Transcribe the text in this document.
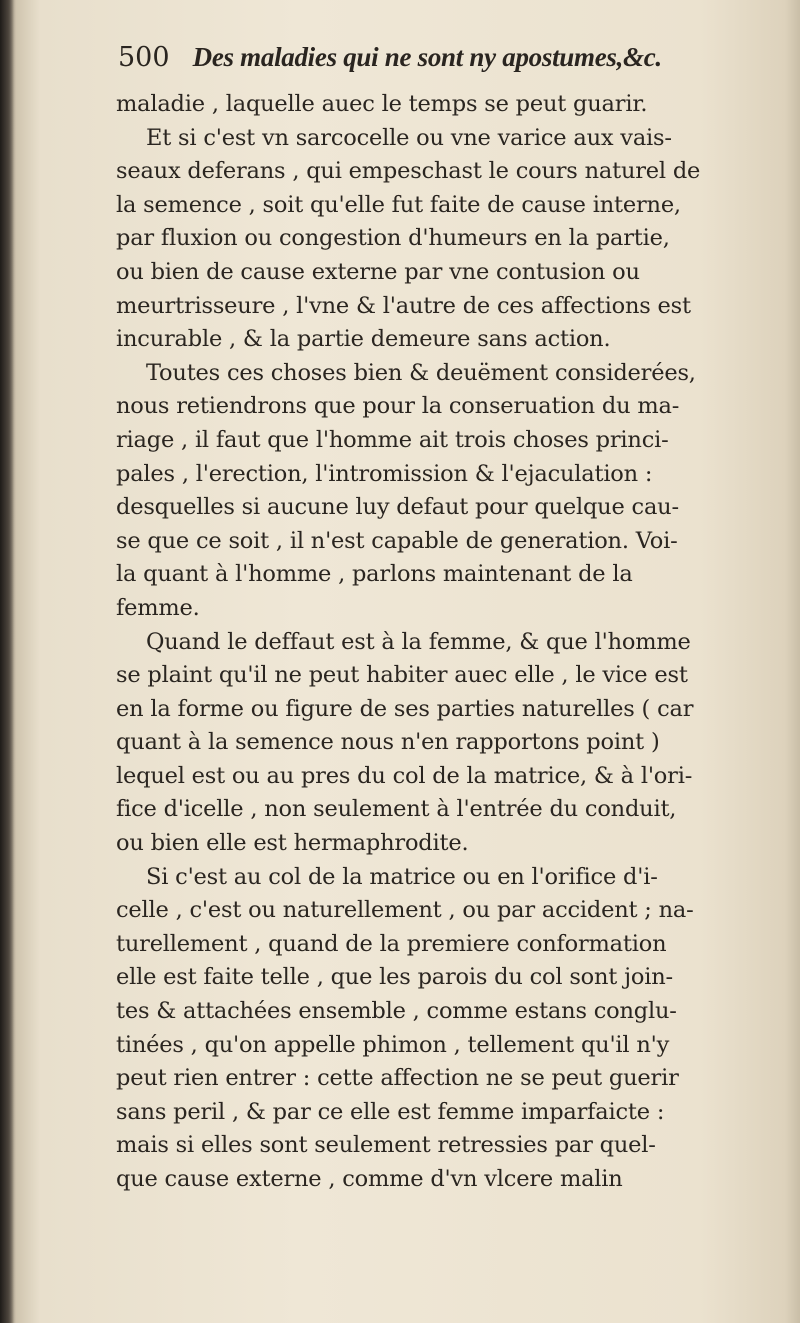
500 Des maladies qui ne sont ny apostumes,&c.
maladie , laquelle auec le temps se peut guarir.
Et si c'est vn sarcocelle ou vne varice aux vais-
seaux deferans , qui empeschast le cours naturel de
la semence , soit qu'elle fut faite de cause interne,
par fluxion ou congestion d'humeurs en la partie,
ou bien de cause externe par vne contusion ou
meurtrisseure , l'vne & l'autre de ces affections est
incurable , & la partie demeure sans action.
Toutes ces choses bien & deuëment considerées,
nous retiendrons que pour la conseruation du ma-
riage , il faut que l'homme ait trois choses princi-
pales , l'erection, l'intromission & l'ejaculation :
desquelles si aucune luy defaut pour quelque cau-
se que ce soit , il n'est capable de generation. Voi-
la quant à l'homme , parlons maintenant de la
femme.
Quand le deffaut est à la femme, & que l'homme
se plaint qu'il ne peut habiter auec elle , le vice est
en la forme ou figure de ses parties naturelles ( car
quant à la semence nous n'en rapportons point )
lequel est ou au pres du col de la matrice, & à l'ori-
fice d'icelle , non seulement à l'entrée du conduit,
ou bien elle est hermaphrodite.
Si c'est au col de la matrice ou en l'orifice d'i-
celle , c'est ou naturellement , ou par accident ; na-
turellement , quand de la premiere conformation
elle est faite telle , que les parois du col sont join-
tes & attachées ensemble , comme estans conglu-
tinées , qu'on appelle phimon , tellement qu'il n'y
peut rien entrer : cette affection ne se peut guerir
sans peril , & par ce elle est femme imparfaicte :
mais si elles sont seulement retressies par quel-
que cause externe , comme d'vn vlcere malin
